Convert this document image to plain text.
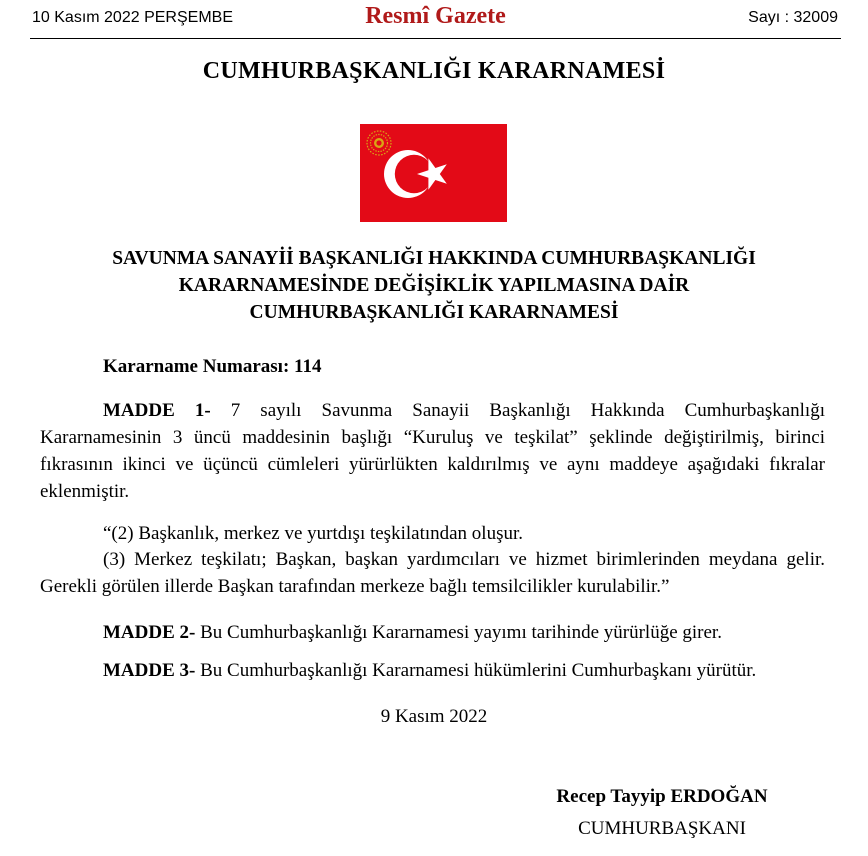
10 Kasım 2022 PERŞEMBE	Resmî Gazete	Sayı : 32009
CUMHURBAŞKANLIĞI KARARNAMESİ
SAVUNMA SANAYİİ BAŞKANLIĞI HAKKINDA CUMHURBAŞKANLIĞI
KARARNAMESİNDE DEĞİŞİKLİK YAPILMASINA DAİR
CUMHURBAŞKANLIĞI KARARNAMESİ
Kararname Numarası: 114

MADDE 1- 7 sayılı Savunma Sanayii Başkanlığı Hakkında Cumhurbaşkanlığı Kararnamesinin 3 üncü maddesinin başlığı “Kuruluş ve teşkilat” şeklinde değiştirilmiş, birinci fıkrasının ikinci ve üçüncü cümleleri yürürlükten kaldırılmış ve aynı maddeye aşağıdaki fıkralar eklenmiştir.

“(2) Başkanlık, merkez ve yurtdışı teşkilatından oluşur.

(3) Merkez teşkilatı; Başkan, başkan yardımcıları ve hizmet birimlerinden meydana gelir. Gerekli görülen illerde Başkan tarafından merkeze bağlı temsilcilikler kurulabilir.”

MADDE 2- Bu Cumhurbaşkanlığı Kararnamesi yayımı tarihinde yürürlüğe girer.

MADDE 3- Bu Cumhurbaşkanlığı Kararnamesi hükümlerini Cumhurbaşkanı yürütür.

9 Kasım 2022
Recep Tayyip ERDOĞAN
CUMHURBAŞKANI
